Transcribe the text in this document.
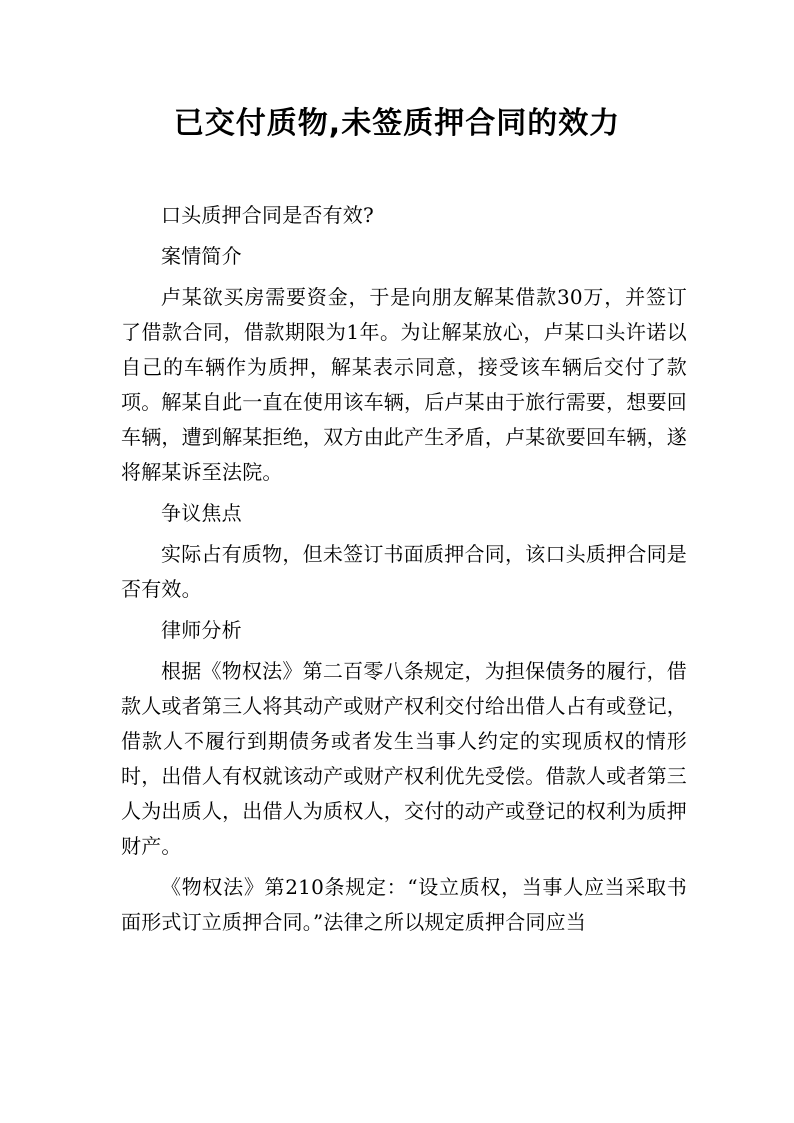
已交付质物,未签质押合同的效力

口头质押合同是否有效?

案情简介

卢某欲买房需要资金，于是向朋友解某借款30万，并签订了借款合同，借款期限为1年。为让解某放心，卢某口头许诺以自己的车辆作为质押，解某表示同意，接受该车辆后交付了款项。解某自此一直在使用该车辆，后卢某由于旅行需要，想要回车辆，遭到解某拒绝，双方由此产生矛盾，卢某欲要回车辆，遂将解某诉至法院。

争议焦点

实际占有质物，但未签订书面质押合同，该口头质押合同是否有效。

律师分析

根据《物权法》第二百零八条规定，为担保债务的履行，借款人或者第三人将其动产或财产权利交付给出借人占有或登记，借款人不履行到期债务或者发生当事人约定的实现质权的情形时，出借人有权就该动产或财产权利优先受偿。借款人或者第三人为出质人，出借人为质权人，交付的动产或登记的权利为质押财产。

《物权法》第210条规定：“设立质权，当事人应当采取书面形式订立质押合同。”法律之所以规定质押合同应当
